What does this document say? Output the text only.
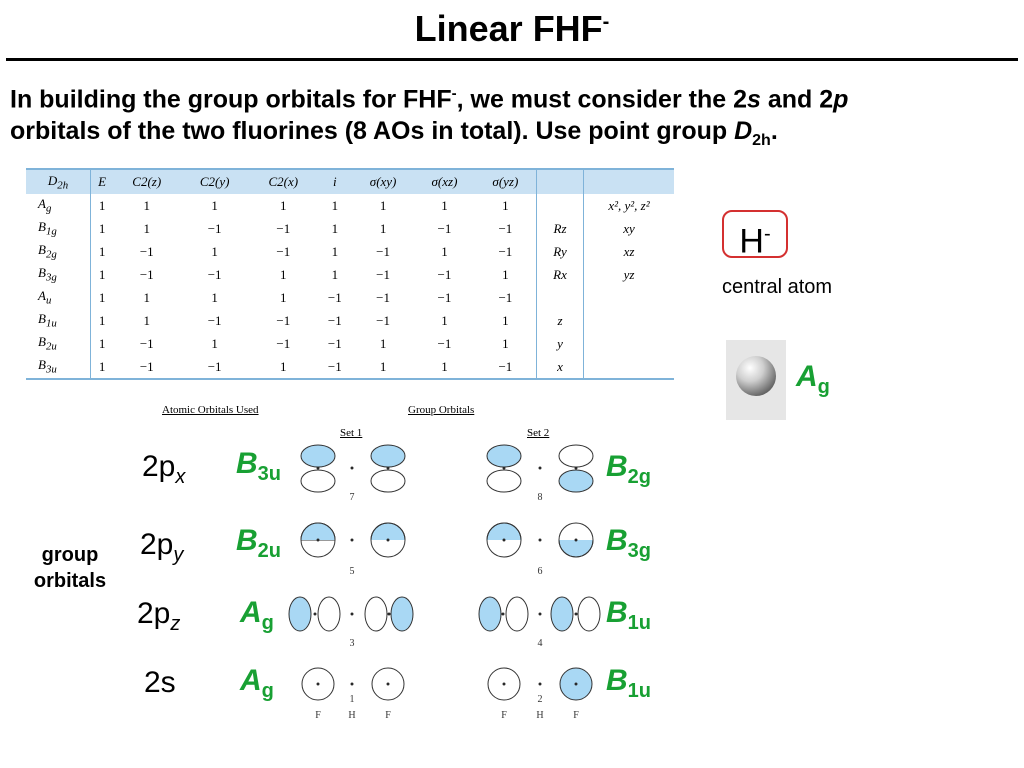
Linear FHF-
In building the group orbitals for FHF-, we must consider the 2s and 2p
orbitals of the two fluorines (8 AOs in total). Use point group $D_{2h}$.
$D_{2h}$	E	C2(z)	C2(y)	C2(x)	i	σ(xy)	σ(xz)	σ(yz)		
$A_g$	1	1	1	1	1	1	1	1		x², y², z²
$B_{1g}$	1	1	−1	−1	1	1	−1	−1	Rz	xy
$B_{2g}$	1	−1	1	−1	1	−1	1	−1	Ry	xz
$B_{3g}$	1	−1	−1	1	1	−1	−1	1	Rx	yz
$A_u$	1	1	1	1	−1	−1	−1	−1		
$B_{1u}$	1	1	−1	−1	−1	−1	1	1	z	
$B_{2u}$	1	−1	1	−1	−1	1	−1	1	y	
$B_{3u}$	1	−1	−1	1	−1	1	1	−1	x	
H-
central atom
$A_g$
Atomic Orbitals Used	Group Orbitals
Set 1	Set 2
group
orbitals
$2p_x$
$2p_y$
$2p_z$
2s
$B_{3u}$
$B_{2u}$
$A_g$
$A_g$
$B_{2g}$
$B_{3g}$
$B_{1u}$
$B_{1u}$
7	8
5	6
3	4
1	2
F	H	F	F	H	F
